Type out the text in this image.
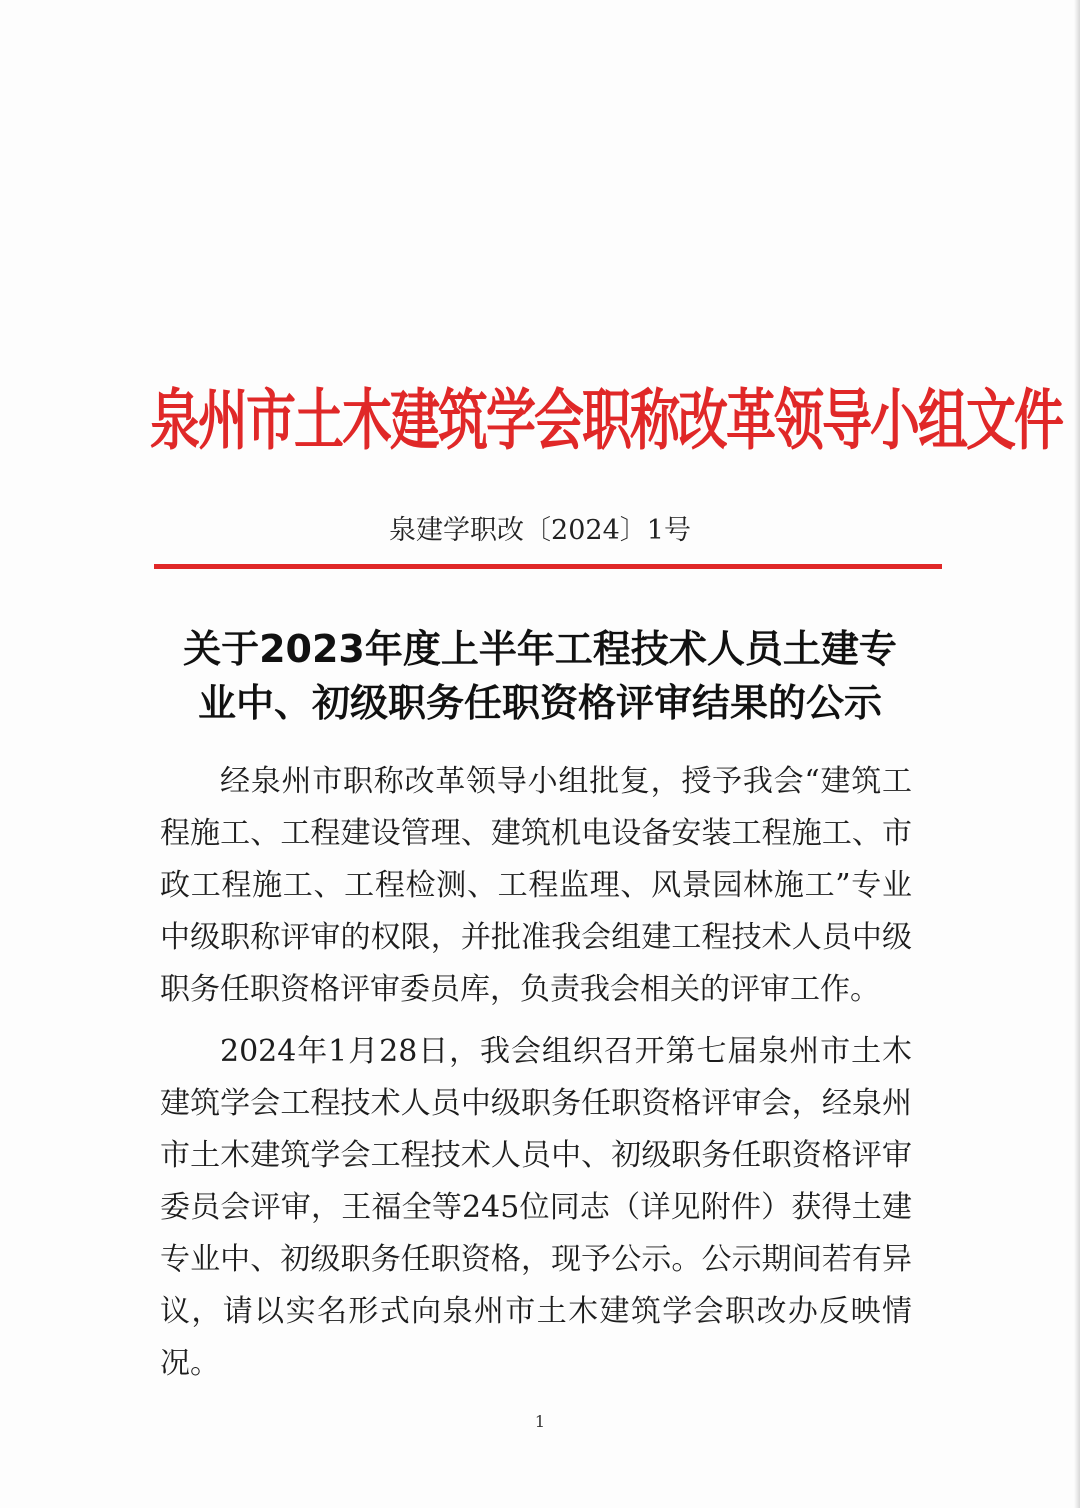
泉州市土木建筑学会职称改革领导小组文件
泉建学职改〔2024〕1号
关于2023年度上半年工程技术人员土建专
业中、初级职务任职资格评审结果的公示

经泉州市职称改革领导小组批复，授予我会“建筑工程施工、工程建设管理、建筑机电设备安装工程施工、市政工程施工、工程检测、工程监理、风景园林施工”专业中级职称评审的权限，并批准我会组建工程技术人员中级职务任职资格评审委员库，负责我会相关的评审工作。

2024年1月28日，我会组织召开第七届泉州市土木建筑学会工程技术人员中级职务任职资格评审会，经泉州市土木建筑学会工程技术人员中、初级职务任职资格评审委员会评审，王福全等245位同志（详见附件）获得土建专业中、初级职务任职资格，现予公示。公示期间若有异议，请以实名形式向泉州市土木建筑学会职改办反映情况。

1
